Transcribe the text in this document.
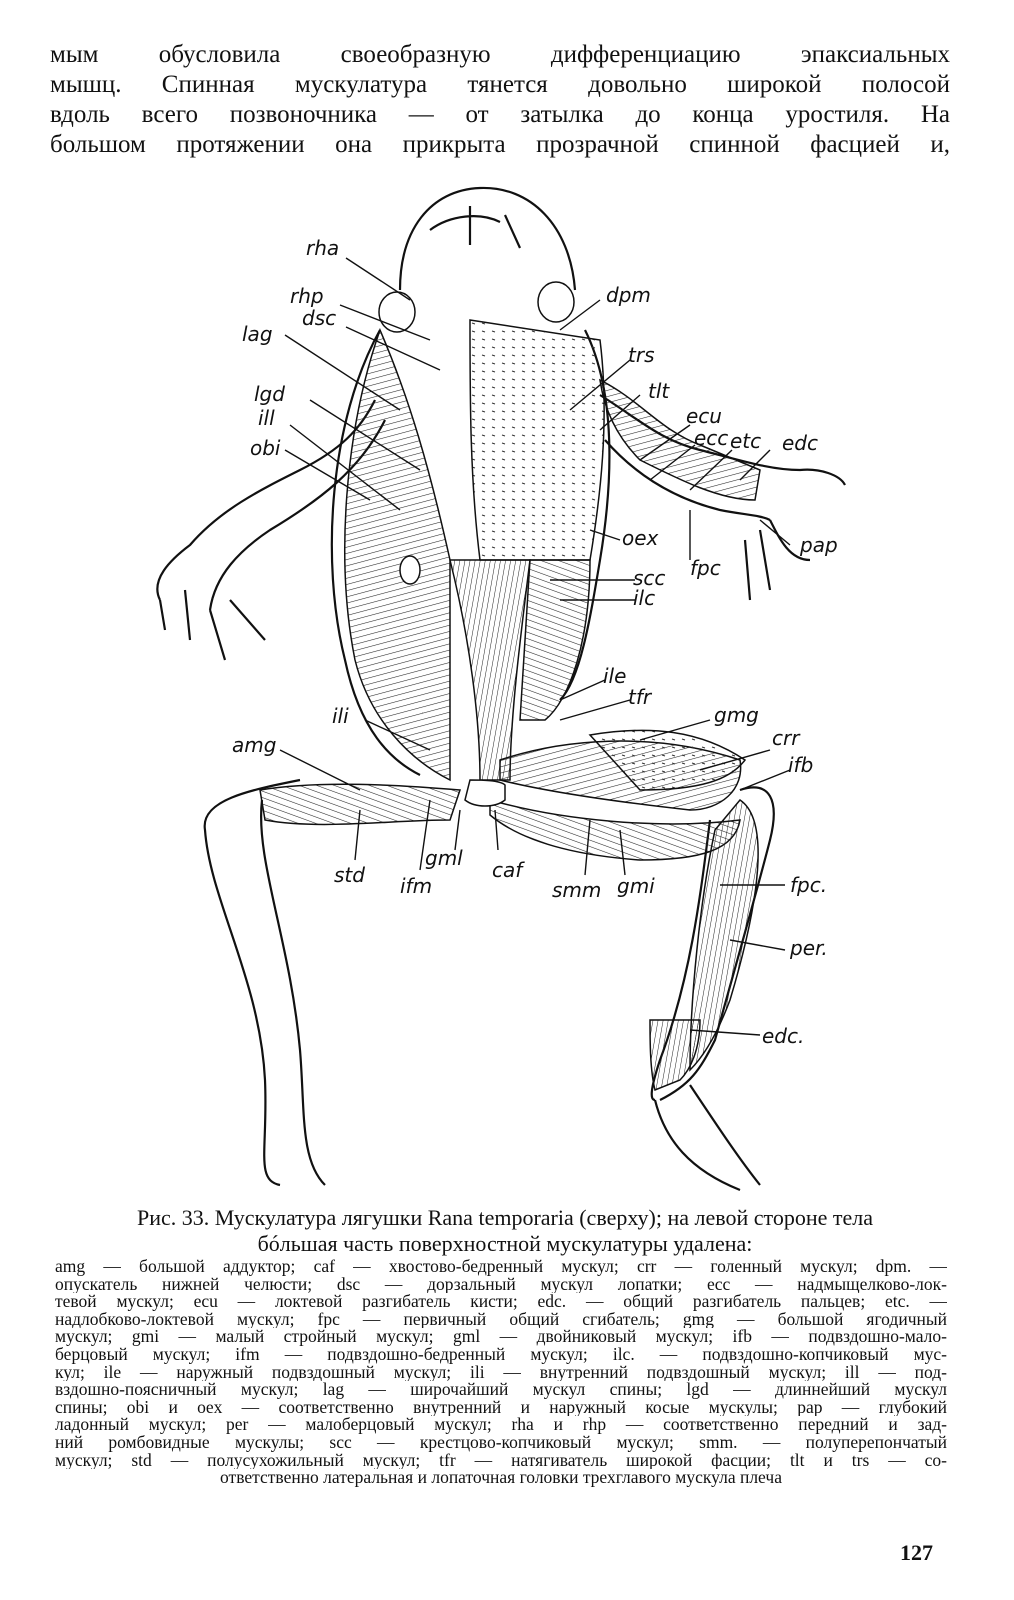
мым обусловила своеобразную дифференциацию эпаксиальных
мышц. Спинная мускулатура тянется довольно широкой полосой
вдоль всего позвоночника — от затылка до конца уростиля. На
большом протяжении она прикрыта прозрачной спинной фасцией и,
rha
rhp
dsc
lag
dpm
trs
tlt
lgd
ill
obi
ecu
ecc etc edc
oex	pap
fpc
scc
ilc
ile
tfr
ili	gmg
amg	crr
ifb
std
gml caf
ifm	smm gmi	fpc.
per.
edc.
Рис. 33. Мускулатура лягушки Rana temporaria (сверху); на левой стороне тела
бóльшая часть поверхностной мускулатуры удалена:
amg — большой аддуктор; caf — хвостово-бедренный мускул; crr — голенный мускул; dpm. —
опускатель нижней челюсти; dsc — дорзальный мускул лопатки; ecc — надмыщелково-лок-
тевой мускул; ecu — локтевой разгибатель кисти; edc. — общий разгибатель пальцев; etc. —
надлобково-локтевой мускул; fpc — первичный общий сгибатель; gmg — большой ягодичный
мускул; gmi — малый стройный мускул; gml — двойниковый мускул; ifb — подвздошно-мало-
берцовый мускул; ifm — подвздошно-бедренный мускул; ilc. — подвздошно-копчиковый мус-
кул; ile — наружный подвздошный мускул; ili — внутренний подвздошный мускул; ill — под-
вздошно-поясничный мускул; lag — широчайший мускул спины; lgd — длиннейший мускул
спины; obi и oex — соответственно внутренний и наружный косые мускулы; pap — глубокий
ладонный мускул; per — малоберцовый мускул; rha и rhp — соответственно передний и зад-
ний ромбовидные мускулы; scc — крестцово-копчиковый мускул; smm. — полуперепончатый
мускул; std — полусухожильный мускул; tfr — натягиватель широкой фасции; tlt и trs — со-
ответственно латеральная и лопаточная головки трехглавого мускула плеча
127
